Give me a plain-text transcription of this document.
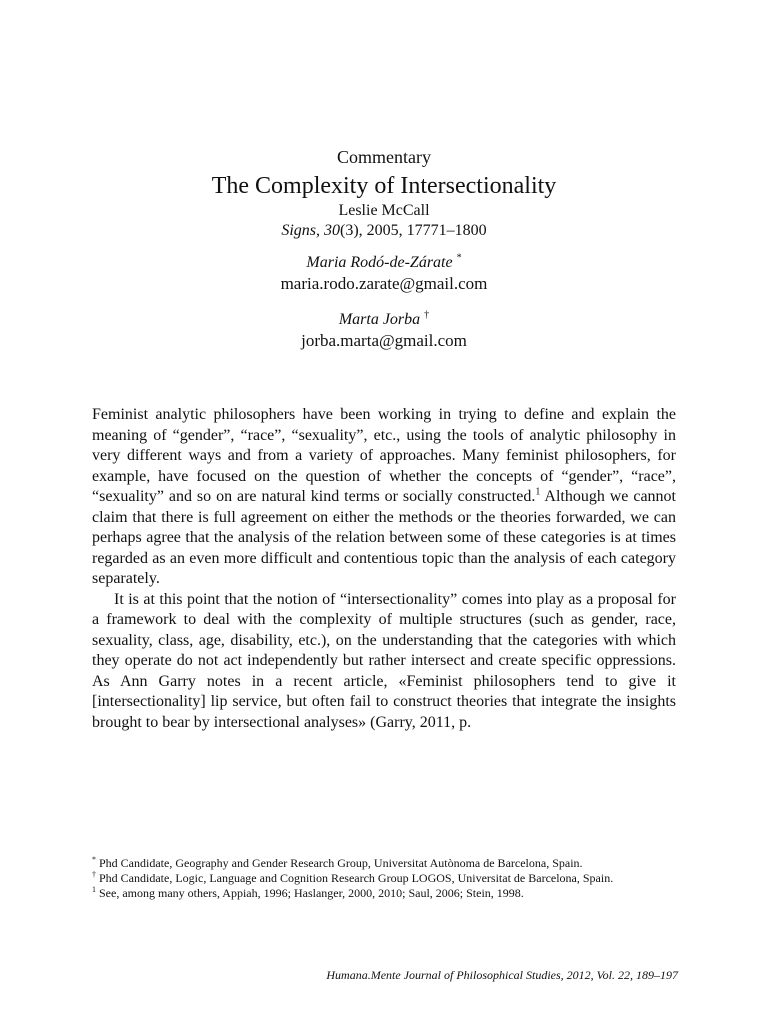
Commentary
The Complexity of Intersectionality
Leslie McCall
Signs, 30(3), 2005, 17771–1800
Maria Rodó-de-Zárate *
maria.rodo.zarate@gmail.com
Marta Jorba †
jorba.marta@gmail.com

Feminist analytic philosophers have been working in trying to define and explain the meaning of “gender”, “race”, “sexuality”, etc., using the tools of analytic philosophy in very different ways and from a variety of approaches. Many feminist philosophers, for example, have focused on the question of whether the concepts of “gender”, “race”, “sexuality” and so on are natural kind terms or socially constructed.$^1$ Although we cannot claim that there is full agreement on either the methods or the theories forwarded, we can perhaps agree that the analysis of the relation between some of these categories is at times regarded as an even more difficult and contentious topic than the analysis of each category separately.

It is at this point that the notion of “intersectionality” comes into play as a proposal for a framework to deal with the complexity of multiple structures (such as gender, race, sexuality, class, age, disability, etc.), on the understanding that the categories with which they operate do not act independently but rather intersect and create specific oppressions. As Ann Garry notes in a recent article, «Feminist philosophers tend to give it [intersectionality] lip service, but often fail to construct theories that integrate the insights brought to bear by intersectional analyses» (Garry, 2011, p.

* Phd Candidate, Geography and Gender Research Group, Universitat Autònoma de Barcelona, Spain.

† Phd Candidate, Logic, Language and Cognition Research Group LOGOS, Universitat de Barcelona, Spain.

$^1$ See, among many others, Appiah, 1996; Haslanger, 2000, 2010; Saul, 2006; Stein, 1998.

Humana.Mente Journal of Philosophical Studies, 2012, Vol. 22, 189–197
